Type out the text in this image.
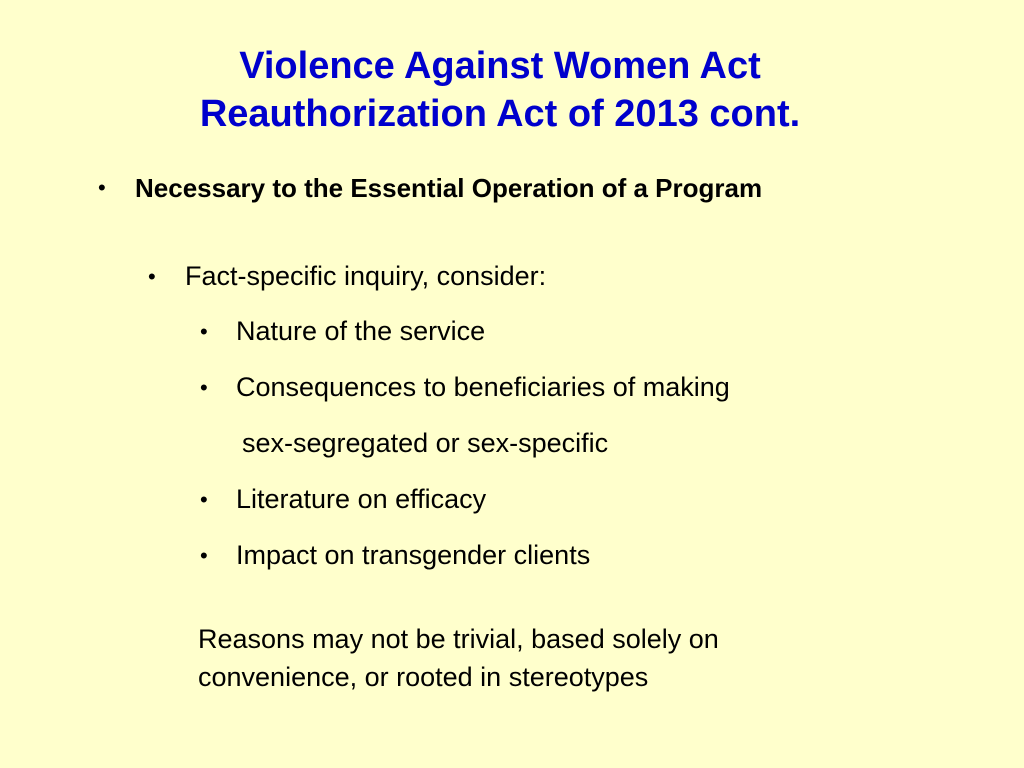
Violence Against Women Act
Reauthorization Act of 2013 cont.
• Necessary to the Essential Operation of a Program
• Fact-specific inquiry, consider:
• Nature of the service
• Consequences to beneficiaries of making
sex-segregated or sex-specific
• Literature on efficacy
• Impact on transgender clients
Reasons may not be trivial, based solely on
convenience, or rooted in stereotypes
